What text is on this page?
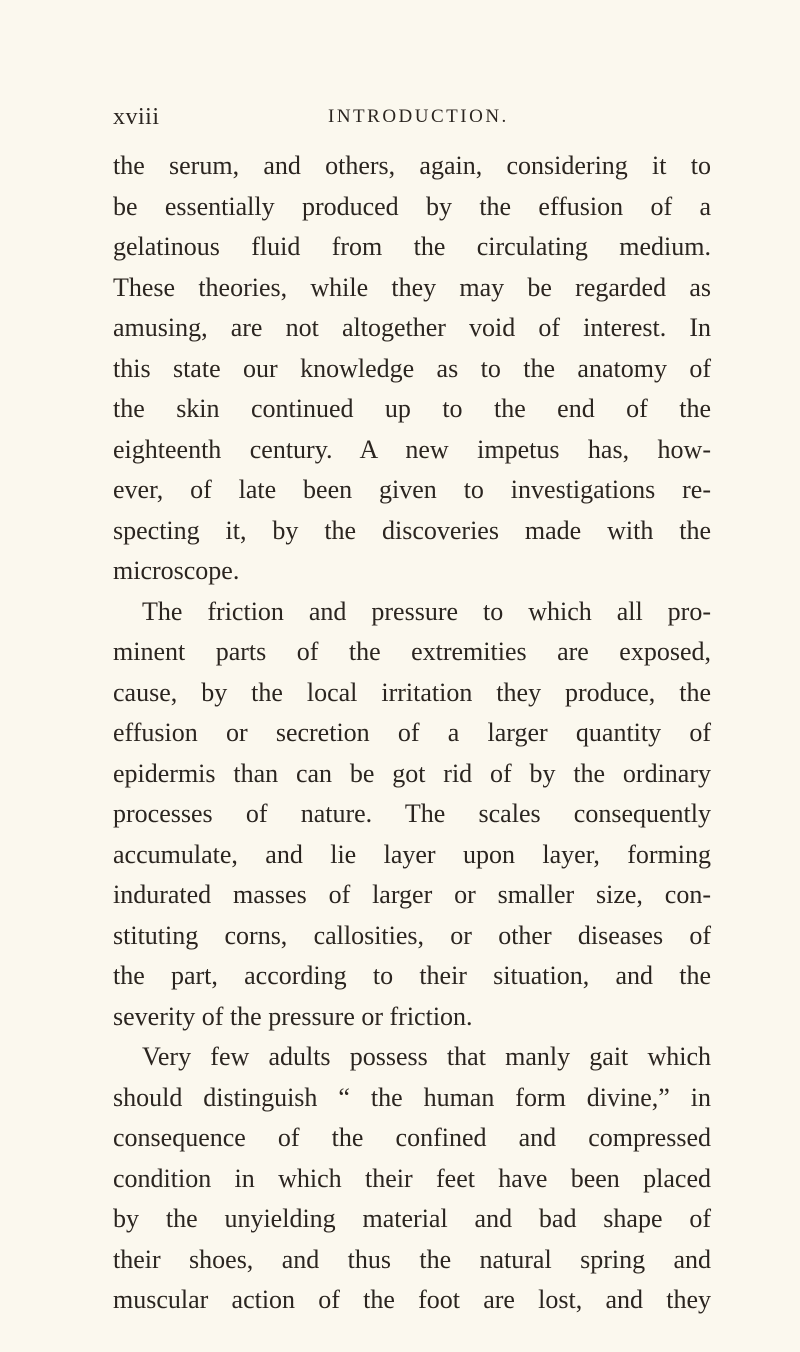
xviii	INTRODUCTION.
the serum, and others, again, considering it to
be essentially produced by the effusion of a
gelatinous fluid from the circulating medium.
These theories, while they may be regarded as
amusing, are not altogether void of interest. In
this state our knowledge as to the anatomy of
the skin continued up to the end of the
eighteenth century. A new impetus has, how-
ever, of late been given to investigations re-
specting it, by the discoveries made with the
microscope.
The friction and pressure to which all pro-
minent parts of the extremities are exposed,
cause, by the local irritation they produce, the
effusion or secretion of a larger quantity of
epidermis than can be got rid of by the ordinary
processes of nature. The scales consequently
accumulate, and lie layer upon layer, forming
indurated masses of larger or smaller size, con-
stituting corns, callosities, or other diseases of
the part, according to their situation, and the
severity of the pressure or friction.
Very few adults possess that manly gait which
should distinguish “ the human form divine,” in
consequence of the confined and compressed
condition in which their feet have been placed
by the unyielding material and bad shape of
their shoes, and thus the natural spring and
muscular action of the foot are lost, and they
